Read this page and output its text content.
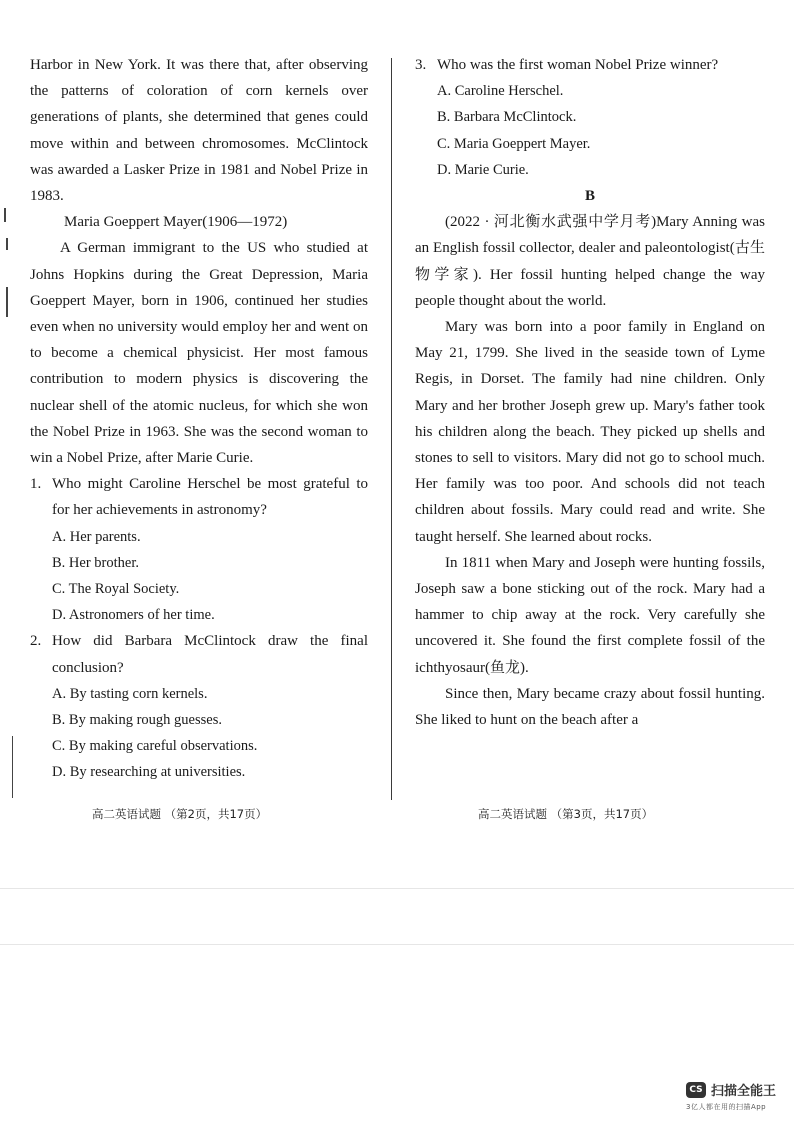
Harbor in New York. It was there that, after observing the patterns of coloration of corn kernels over generations of plants, she determined that genes could move within and between chromosomes. McClintock was awarded a Lasker Prize in 1981 and Nobel Prize in 1983.

Maria Goeppert Mayer(1906—1972)

A German immigrant to the US who studied at Johns Hopkins during the Great Depression, Maria Goeppert Mayer, born in 1906, continued her studies even when no university would employ her and went on to become a chemical physicist. Her most famous contribution to modern physics is discovering the nuclear shell of the atomic nucleus, for which she won the Nobel Prize in 1963. She was the second woman to win a Nobel Prize, after Marie Curie.

1. Who might Caroline Herschel be most grateful to for her achievements in astronomy?

A. Her parents.

B. Her brother.

C. The Royal Society.

D. Astronomers of her time.

2. How did Barbara McClintock draw the final conclusion?

A. By tasting corn kernels.

B. By making rough guesses.

C. By making careful observations.

D. By researching at universities.

3. Who was the first woman Nobel Prize winner?

A. Caroline Herschel.

B. Barbara McClintock.

C. Maria Goeppert Mayer.

D. Marie Curie.

B

(2022 · 河北衡水武强中学月考)Mary Anning was an English fossil collector, dealer and paleontologist(古生物学家). Her fossil hunting helped change the way people thought about the world.

Mary was born into a poor family in England on May 21, 1799. She lived in the seaside town of Lyme Regis, in Dorset. The family had nine children. Only Mary and her brother Joseph grew up. Mary's father took his children along the beach. They picked up shells and stones to sell to visitors. Mary did not go to school much. Her family was too poor. And schools did not teach children about fossils. Mary could read and write. She taught herself. She learned about rocks.

In 1811 when Mary and Joseph were hunting fossils, Joseph saw a bone sticking out of the rock. Mary had a hammer to chip away at the rock. Very carefully she uncovered it. She found the first complete fossil of the ichthyosaur(鱼龙).

Since then, Mary became crazy about fossil hunting. She liked to hunt on the beach after a

高二英语试题 （第2页，共17页）	高二英语试题 （第3页，共17页）
CS 扫描全能王
3亿人都在用的扫描App
